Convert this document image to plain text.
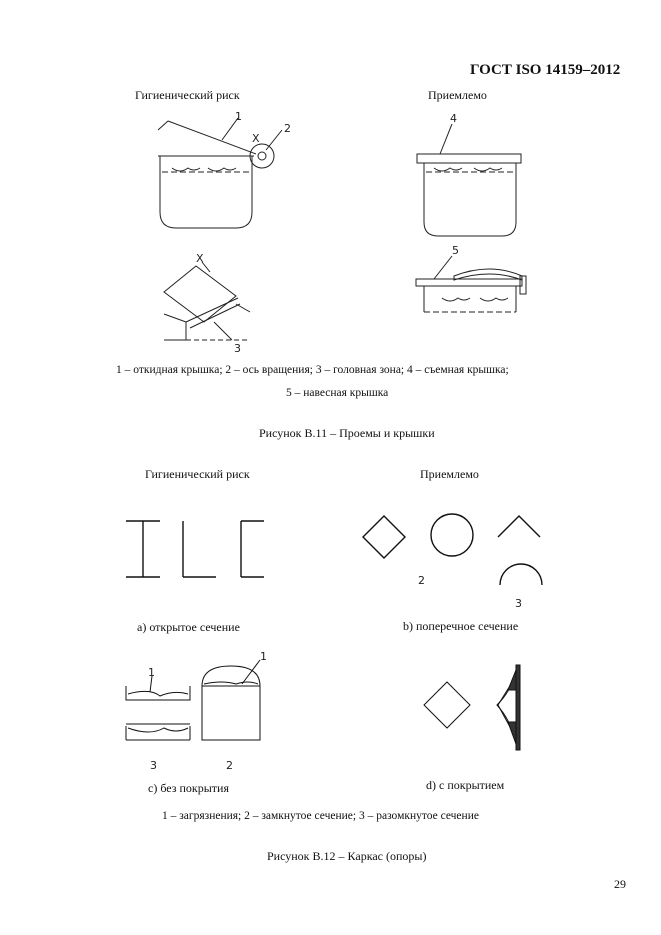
ГОСТ ISO 14159–2012
Гигиенический риск	Приемлемо
1
2
X
X
3
4
5
1 – откидная крышка; 2 – ось вращения; 3 – головная зона; 4 – съемная крышка;
5 – навесная крышка
Рисунок В.11 – Проемы и крышки
Гигиенический риск	Приемлемо
2
3
1
1
3	2
а) открытое сечение	b) поперечное сечение
с) без покрытия	d) с покрытием
1 – загрязнения; 2 – замкнутое сечение; 3 – разомкнутое сечение
Рисунок В.12 – Каркас (опоры)
29
